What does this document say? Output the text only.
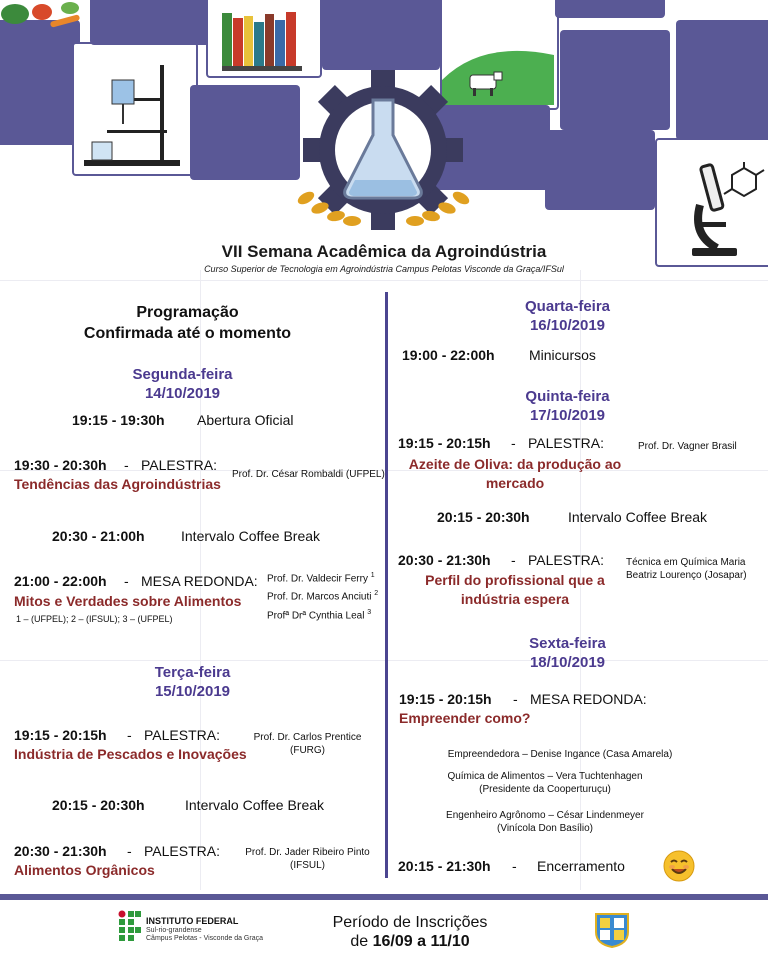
VII Semana Acadêmica da Agroindústria
Curso Superior de Tecnologia em Agroindústria Campus Pelotas Visconde da Graça/IFSul
Programação
Confirmada até o momento
Segunda-feira
14/10/2019
19:15 - 19:30h Abertura Oficial
19:30 - 20:30h - PALESTRA:
Tendências das Agroindústrias
Prof. Dr. César Rombaldi (UFPEL)
20:30 - 21:00h	Intervalo Coffee Break
21:00 - 22:00h - MESA REDONDA:
Mitos e Verdades sobre Alimentos
Prof. Dr. Valdecir Ferry $^1$
Prof. Dr. Marcos Anciuti $^2$
Profª Drª Cynthia Leal $^3$
1 – (UFPEL); 2 – (IFSUL); 3 – (UFPEL)
Terça-feira
15/10/2019
19:15 - 20:15h - PALESTRA:
Indústria de Pescados e Inovações
Prof. Dr. Carlos Prentice
(FURG)
20:15 - 20:30h	Intervalo Coffee Break
20:30 - 21:30h - PALESTRA:
Alimentos Orgânicos
Prof. Dr. Jader Ribeiro Pinto
(IFSUL)
Quarta-feira
16/10/2019
19:00 - 22:00h Minicursos
Quinta-feira
17/10/2019
19:15 - 20:15h - PALESTRA:	Prof. Dr. Vagner Brasil
Azeite de Oliva: da produção ao
mercado
20:15 - 20:30h	Intervalo Coffee Break
20:30 - 21:30h - PALESTRA: Técnica em Química Maria
Beatriz Lourenço (Josapar)
Perfil do profissional que a
indústria espera
Sexta-feira
18/10/2019
19:15 - 20:15h - MESA REDONDA:
Empreender como?
Empreendedora – Denise Ingance (Casa Amarela)
Química de Alimentos – Vera Tuchtenhagen
(Presidente da Cooperturuçu)
Engenheiro Agrônomo – César Lindenmeyer
(Vinícola Don Basílio)
20:15 - 21:30h - Encerramento
INSTITUTO FEDERAL
Sul-rio-grandense
Câmpus Pelotas - Visconde da Graça
Período de Inscrições
de 16/09 a 11/10
